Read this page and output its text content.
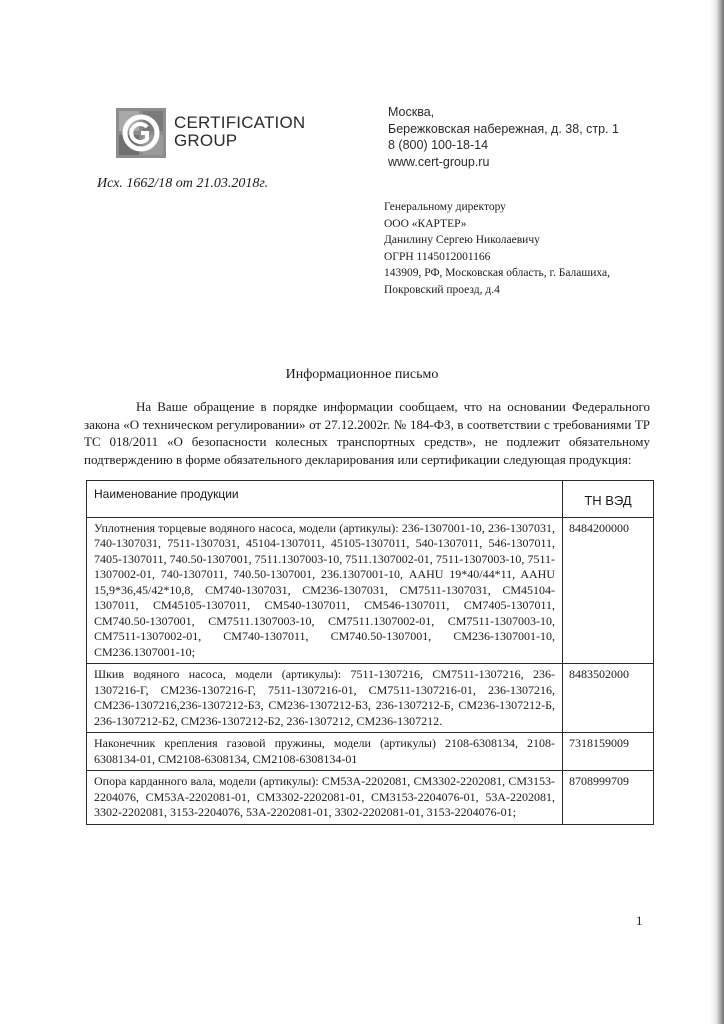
CERTIFICATION
GROUP
Москва,
Бережковская набережная, д. 38, стр. 1
8 (800) 100-18-14
www.cert-group.ru
Исх. 1662/18 от 21.03.2018г.
Генеральному директору
ООО «КАРТЕР»
Данилину Сергею Николаевичу
ОГРН 1145012001166
143909, РФ, Московская область, г. Балашиха,
Покровский проезд, д.4
Информационное письмо

На Ваше обращение в порядке информации сообщаем, что на основании Федерального закона «О техническом регулировании» от 27.12.2002г. № 184-ФЗ, в соответствии с требованиями ТР ТС 018/2011 «О безопасности колесных транспортных средств», не подлежит обязательному подтверждению в форме обязательного декларирования или сертификации следующая продукция:

Наименование продукции	ТН ВЭД

Уплотнения торцевые водяного насоса, модели (артикулы): 236-1307001-10, 236-1307031, 740-1307031, 7511-1307031, 45104-1307011, 45105-1307011, 540-1307011, 546-1307011, 7405-1307011, 740.50-1307001, 7511.1307003-10, 7511.1307002-01, 7511-1307003-10, 7511-1307002-01, 740-1307011, 740.50-1307001, 236.1307001-10, AAHU 19*40/44*11, AAHU 15,9*36,45/42*10,8, CM740-1307031, CM236-1307031, CM7511-1307031, CM45104-1307011, CM45105-1307011, CM540-1307011, CM546-1307011, CM7405-1307011, CM740.50-1307001, CM7511.1307003-10, CM7511.1307002-01, CM7511-1307003-10, CM7511-1307002-01, CM740-1307011, CM740.50-1307001, CM236-1307001-10, CM236.1307001-10;	8484200000

Шкив водяного насоса, модели (артикулы): 7511-1307216, CM7511-1307216, 236-1307216-Г, CM236-1307216-Г, 7511-1307216-01, CM7511-1307216-01, 236-1307216, CM236-1307216,236-1307212-Б3, CM236-1307212-Б3, 236-1307212-Б, CM236-1307212-Б, 236-1307212-Б2, CM236-1307212-Б2, 236-1307212, CM236-1307212.	8483502000

Наконечник крепления газовой пружины, модели (артикулы) 2108-6308134, 2108-6308134-01, CM2108-6308134, CM2108-6308134-01	7318159009

Опора карданного вала, модели (артикулы): CM53A-2202081, CM3302-2202081, CM3153-2204076, CM53A-2202081-01, CM3302-2202081-01, CM3153-2204076-01, 53A-2202081, 3302-2202081, 3153-2204076, 53A-2202081-01, 3302-2202081-01, 3153-2204076-01;	8708999709
1
